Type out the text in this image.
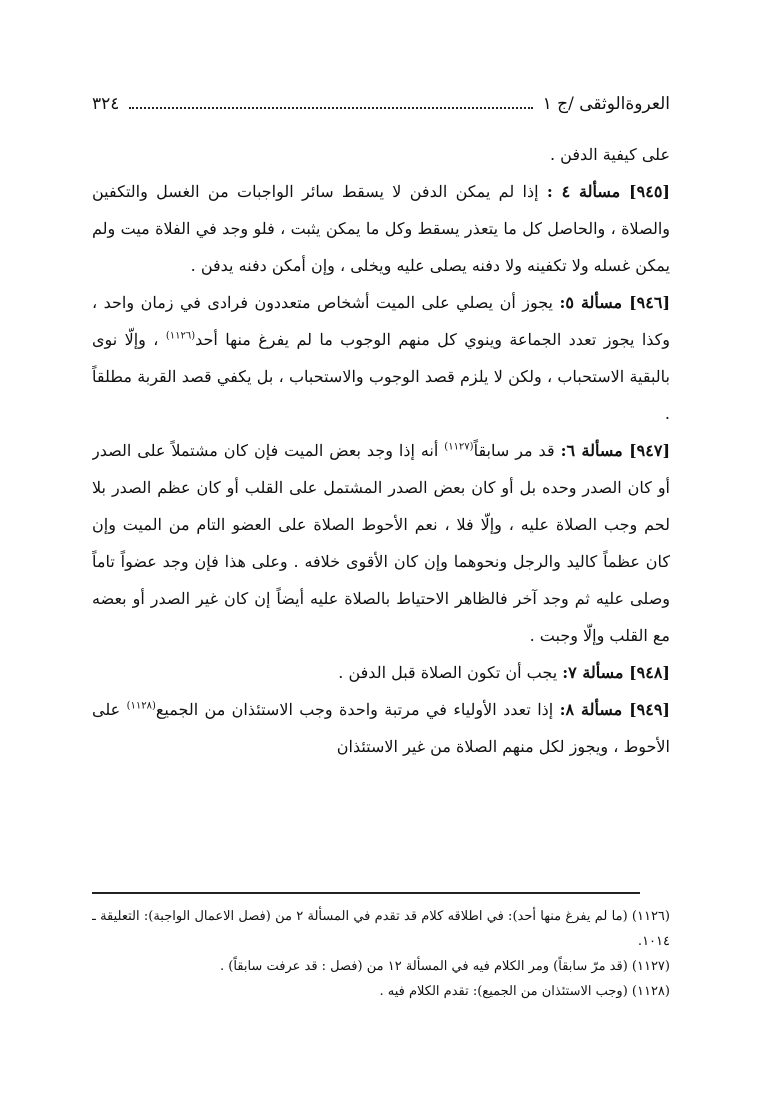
العروةالوثقى /ج ١
٣٢٤

على كيفية الدفن .

[٩٤٥] مسألة ٤ : إذا لم يمكن الدفن لا يسقط سائر الواجبات من الغسل والتكفين والصلاة ، والحاصل كل ما يتعذر يسقط وكل ما يمكن يثبت ، فلو وجد في الفلاة ميت ولم يمكن غسله ولا تكفينه ولا دفنه يصلى عليه ويخلى ، وإن أمكن دفنه يدفن .

[٩٤٦] مسألة ٥: يجوز أن يصلي على الميت أشخاص متعددون فرادى في زمان واحد ، وكذا يجوز تعدد الجماعة وينوي كل منهم الوجوب ما لم يفرغ منها أحد$^{(١١٢٦)}$ ، وإلّا نوى بالبقية الاستحباب ، ولكن لا يلزم قصد الوجوب والاستحباب ، بل يكفي قصد القربة مطلقاً .

[٩٤٧] مسألة ٦: قد مر سابقاً$^{(١١٢٧)}$ أنه إذا وجد بعض الميت فإن كان مشتملاً على الصدر أو كان الصدر وحده بل أو كان بعض الصدر المشتمل على القلب أو كان عظم الصدر بلا لحم وجب الصلاة عليه ، وإلّا فلا ، نعم الأحوط الصلاة على العضو التام من الميت وإن كان عظماً كاليد والرجل ونحوهما وإن كان الأقوى خلافه . وعلى هذا فإن وجد عضواً تاماً وصلى عليه ثم وجد آخر فالظاهر الاحتياط بالصلاة عليه أيضاً إن كان غير الصدر أو بعضه مع القلب وإلّا وجبت .

[٩٤٨] مسألة ٧: يجب أن تكون الصلاة قبل الدفن .

[٩٤٩] مسألة ٨: إذا تعدد الأولياء في مرتبة واحدة وجب الاستئذان من الجميع$^{(١١٢٨)}$ على الأحوط ، ويجوز لكل منهم الصلاة من غير الاستئذان

(١١٢٦) (ما لم يفرغ منها أحد): في اطلاقه كلام قد تقدم في المسألة ٢ من (فصل الاعمال الواجبة): التعليقة ـ ١٠١٤.

(١١٢٧) (قد مرّ سابقاً) ومر الكلام فيه في المسألة ١٢ من (فصل : قد عرفت سابقاً) .

(١١٢٨) (وجب الاستئذان من الجميع): تقدم الكلام فيه .
